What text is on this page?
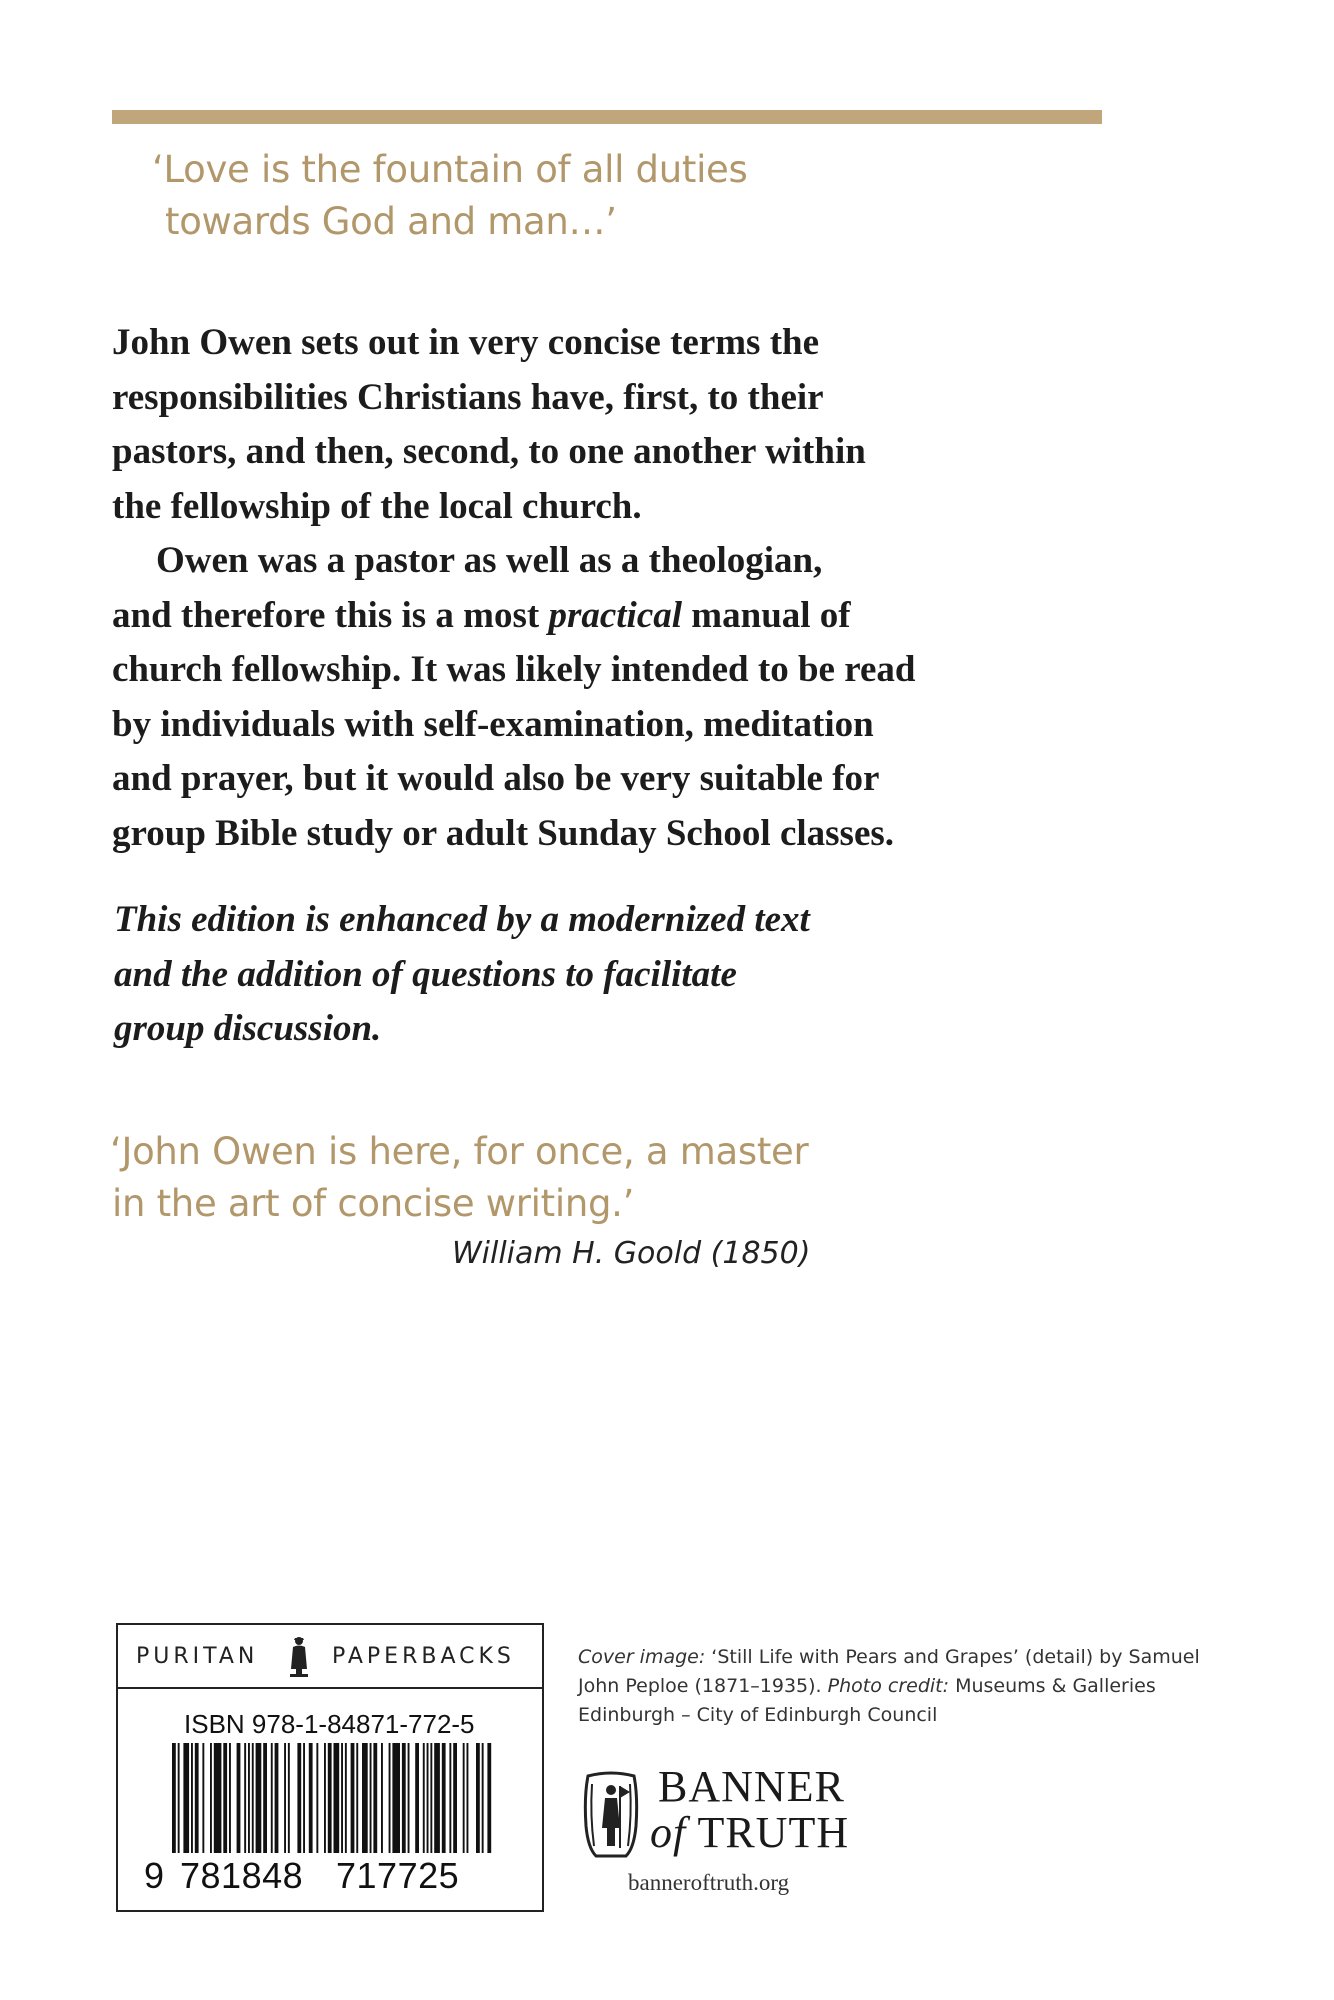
‘Love is the fountain of all duties
towards God and man…’
John Owen sets out in very concise terms the
responsibilities Christians have, first, to their
pastors, and then, second, to one another within
the fellowship of the local church.
Owen was a pastor as well as a theologian,
and therefore this is a most practical manual of
church fellowship. It was likely intended to be read
by individuals with self-examination, meditation
and prayer, but it would also be very suitable for
group Bible study or adult Sunday School classes.
This edition is enhanced by a modernized text
and the addition of questions to facilitate
group discussion.
‘John Owen is here, for once, a master
in the art of concise writing.’
William H. Goold (1850)
PURITAN	PAPERBACKS
ISBN 978-1-84871-772-5
9 781848 717725
Cover image: ‘Still Life with Pears and Grapes’ (detail) by Samuel
John Peploe (1871–1935). Photo credit: Museums & Galleries
Edinburgh – City of Edinburgh Council
BANNER
of TRUTH
banneroftruth.org
